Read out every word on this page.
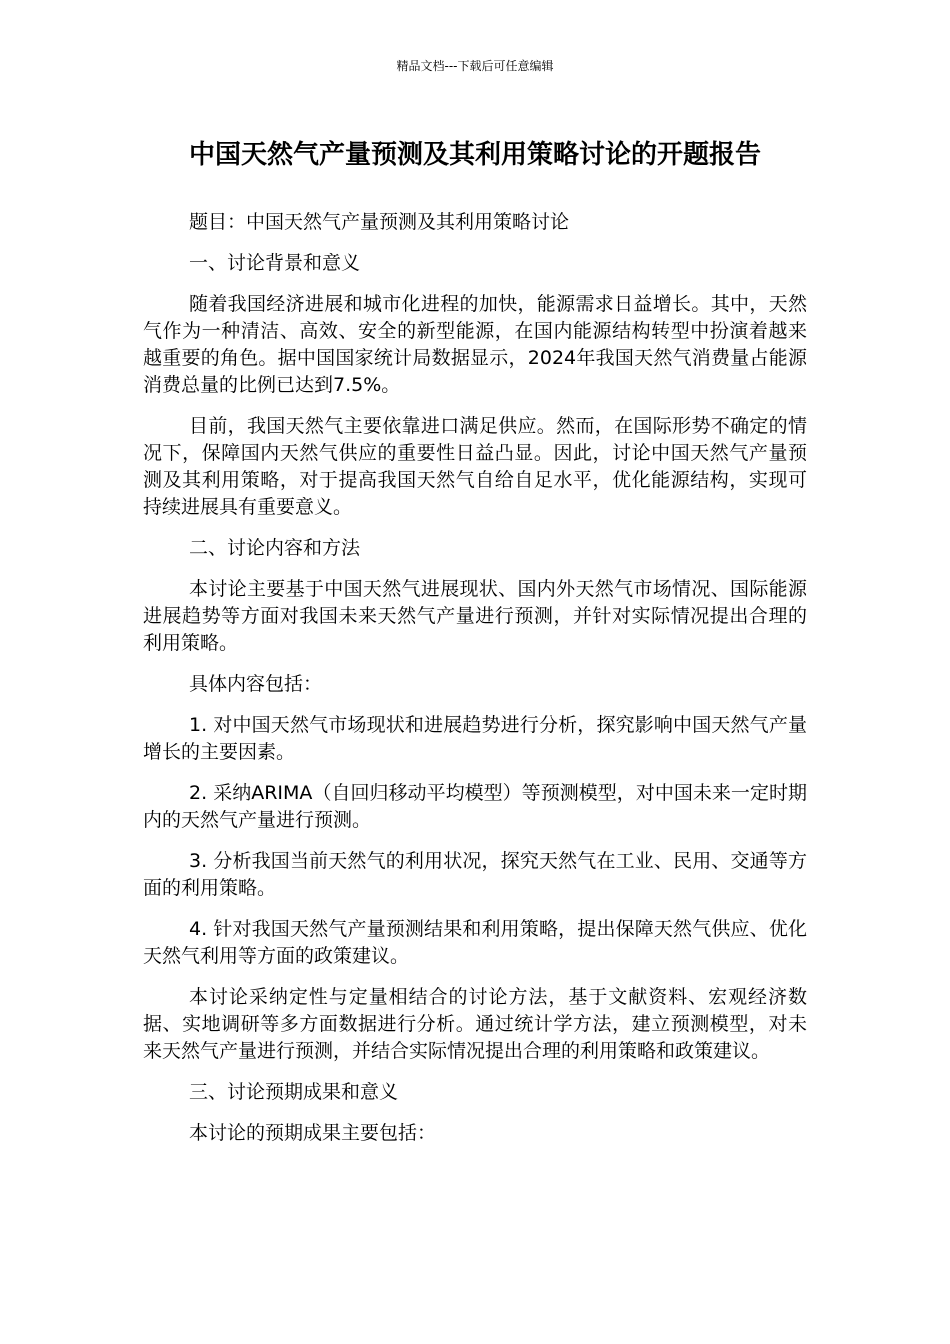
精品文档---下载后可任意编辑
中国天然气产量预测及其利用策略讨论的开题报告

题目：中国天然气产量预测及其利用策略讨论

一、讨论背景和意义

随着我国经济进展和城市化进程的加快，能源需求日益增长。其中，天然气作为一种清洁、高效、安全的新型能源，在国内能源结构转型中扮演着越来越重要的角色。据中国国家统计局数据显示，2024年我国天然气消费量占能源消费总量的比例已达到7.5%。

目前，我国天然气主要依靠进口满足供应。然而，在国际形势不确定的情况下，保障国内天然气供应的重要性日益凸显。因此，讨论中国天然气产量预测及其利用策略，对于提高我国天然气自给自足水平，优化能源结构，实现可持续进展具有重要意义。

二、讨论内容和方法

本讨论主要基于中国天然气进展现状、国内外天然气市场情况、国际能源进展趋势等方面对我国未来天然气产量进行预测，并针对实际情况提出合理的利用策略。

具体内容包括：

1. 对中国天然气市场现状和进展趋势进行分析，探究影响中国天然气产量增长的主要因素。

2. 采纳ARIMA（自回归移动平均模型）等预测模型，对中国未来一定时期内的天然气产量进行预测。

3. 分析我国当前天然气的利用状况，探究天然气在工业、民用、交通等方面的利用策略。

4. 针对我国天然气产量预测结果和利用策略，提出保障天然气供应、优化天然气利用等方面的政策建议。

本讨论采纳定性与定量相结合的讨论方法，基于文献资料、宏观经济数据、实地调研等多方面数据进行分析。通过统计学方法，建立预测模型，对未来天然气产量进行预测，并结合实际情况提出合理的利用策略和政策建议。

三、讨论预期成果和意义

本讨论的预期成果主要包括：
